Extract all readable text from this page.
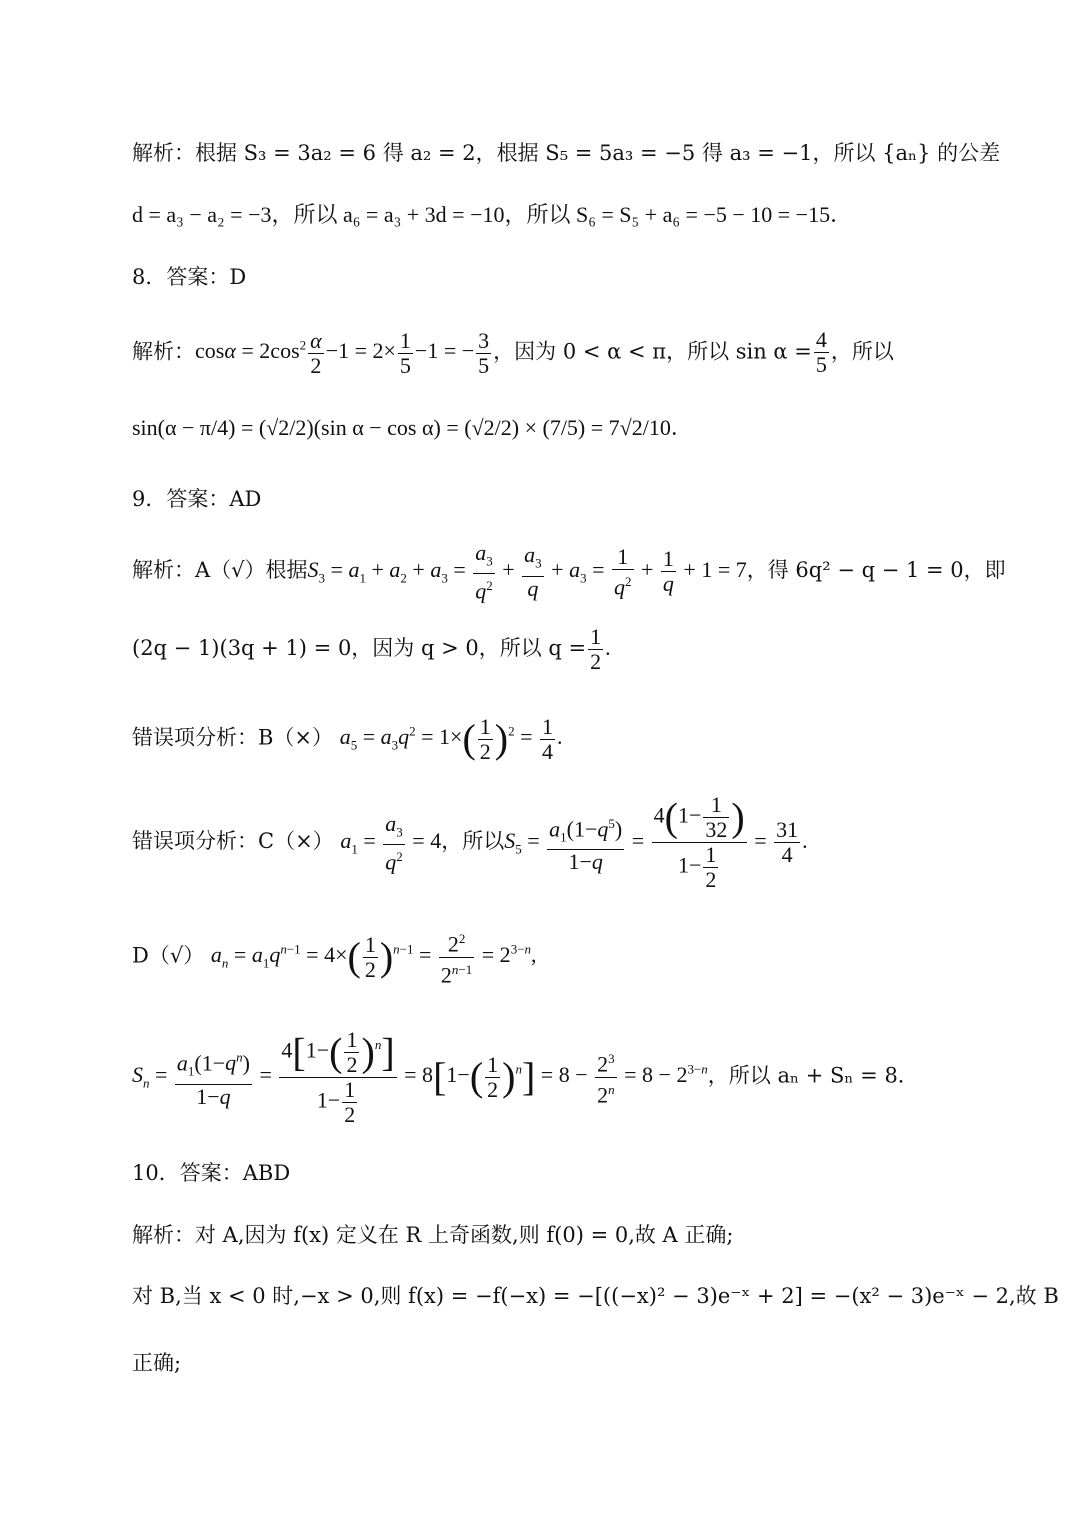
解析：根据 S₃ = 3a₂ = 6 得 a₂ = 2，根据 S₅ = 5a₃ = −5 得 a₃ = −1，所以 {aₙ} 的公差
d = a₃ − a₂ = −3，所以 a₆ = a₃ + 3d = −10，所以 S₆ = S₅ + a₆ = −5 − 10 = −15．
8．答案：D
解析：$\cos\alpha = 2\cos^2 \frac{\alpha}{2} -1 = 2\times \frac{1}{5} -1$ = − $\frac{3}{5}$ ，因为 0 < α < π，所以 $\sin \alpha = \frac{4}{5}$ ，所以
sin(α − π/4) = (√2/2)(sin α − cos α) = (√2/2) × (7/5) = 7√2/10．
9．答案：AD
解析：A（√）根据$S_3 = a_1 + a_2 + a_3 = \frac{a_3}{q^2} + \frac{a_3}{q} + a_3 = \frac{1}{q^2} + \frac{1}{q} + 1 = 7$，得 6q² − q − 1 = 0，即
(2q − 1)(3q + 1) = 0，因为 q > 0，所以 $q = \frac{1}{2}$ .
错误项分析：B（×） $a_5 = a_3q^2 = 1\times( \frac{1}{2} )^2 = \frac{1}{4}$ .
错误项分析：C（×） $a_1 = \frac{a_3}{q^2} = 4$，所以$S_5 = \frac{a_1(1-q^5)}{1-q} = \frac{4(1- \frac{1}{32} )}{1- \frac{1}{2}} = \frac{31}{4}$ .
D（√） $a_n = a_1q^{n-1} = 4\times( \frac{1}{2} )^{n-1} = \frac{2^2}{2^{n-1}} = 2^{3-n}$,
$S_n = \frac{a_1(1-q^n)}{1-q} = \frac{4[1-( \frac{1}{2} )^n]}{1- \frac{1}{2}} = 8[1-( \frac{1}{2} )^n] = 8 - \frac{2^3}{2^n} = 8 - 2^{3-n}$，所以 aₙ + Sₙ = 8．
10．答案：ABD
解析：对 A,因为 f(x) 定义在 R 上奇函数,则 f(0) = 0,故 A 正确;
对 B,当 x < 0 时,−x > 0,则 f(x) = −f(−x) = −[((−x)² − 3)e⁻ˣ + 2] = −(x² − 3)e⁻ˣ − 2,故 B
正确;
